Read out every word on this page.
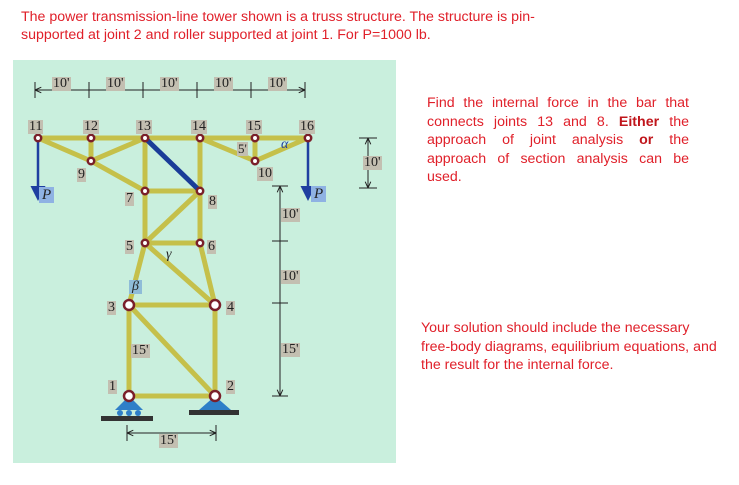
The power transmission-line tower shown is a truss structure. The structure is pin-
supported at joint 2 and roller supported at joint 1. For P=1000 lb.
Find the internal force in the bar that connects joints 13 and 8. Either the approach of joint analysis or the approach of section analysis can be used.
Your solution should include the necessary free-body diagrams, equilibrium equations, and the result for the internal force.
10'	10'	10'	10'	10'
11	12	13	14	15	16
9	10
7	8
5	6
3	4
1	2
5'
10'
10'
15'
10'
15'
15'
P	P
α
β
γ
